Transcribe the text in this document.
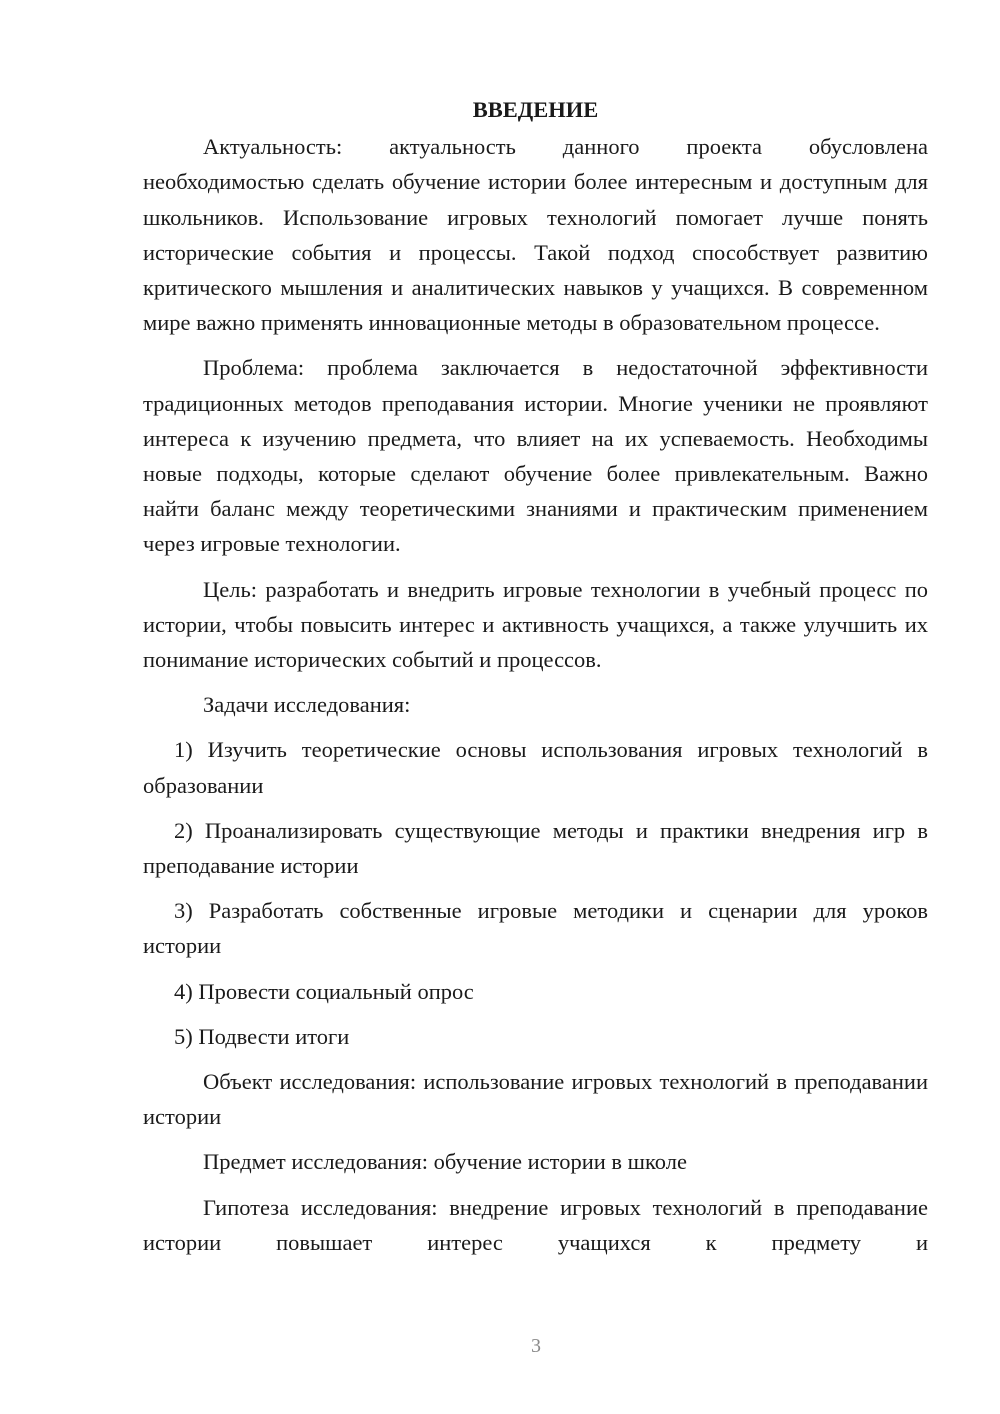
ВВЕДЕНИЕ

Актуальность: актуальность данного проекта обусловлена необходимостью сделать обучение истории более интересным и доступным для школьников. Использование игровых технологий помогает лучше понять исторические события и процессы. Такой подход способствует развитию критического мышления и аналитических навыков у учащихся. В современном мире важно применять инновационные методы в образовательном процессе.

Проблема: проблема заключается в недостаточной эффективности традиционных методов преподавания истории. Многие ученики не проявляют интереса к изучению предмета, что влияет на их успеваемость. Необходимы новые подходы, которые сделают обучение более привлекательным. Важно найти баланс между теоретическими знаниями и практическим применением через игровые технологии.

Цель: разработать и внедрить игровые технологии в учебный процесс по истории, чтобы повысить интерес и активность учащихся, а также улучшить их понимание исторических событий и процессов.

Задачи исследования:

1) Изучить теоретические основы использования игровых технологий в образовании

2) Проанализировать существующие методы и практики внедрения игр в преподавание истории

3) Разработать собственные игровые методики и сценарии для уроков истории

4) Провести социальный опрос

5) Подвести итоги

Объект исследования: использование игровых технологий в преподавании истории

Предмет исследования: обучение истории в школе

Гипотеза исследования: внедрение игровых технологий в преподавание истории повышает интерес учащихся к предмету и

3
